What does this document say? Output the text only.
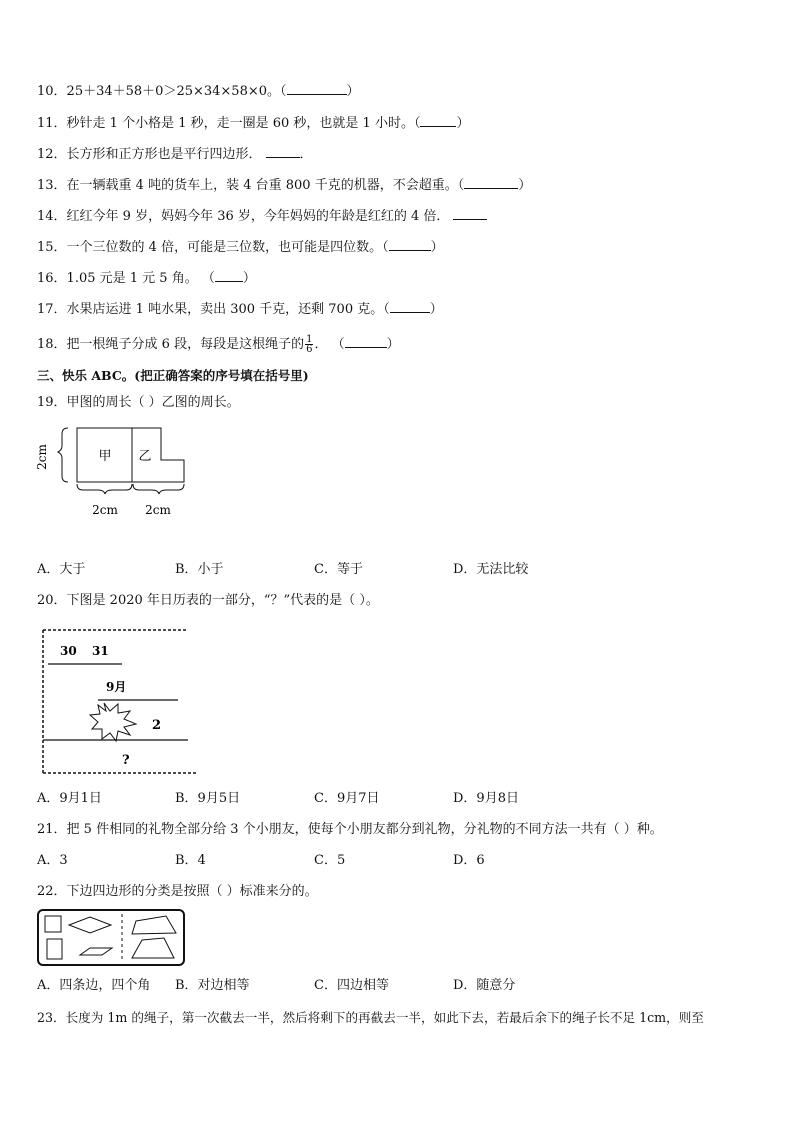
10．25＋34＋58＋0＞25×34×58×0。（	）
11．秒针走 1 个小格是 1 秒，走一圈是 60 秒，也就是 1 小时。（	）
12．长方形和正方形也是平行四边形．	．
13．在一辆载重 4 吨的货车上，装 4 台重 800 千克的机器，不会超重。（	）
14．红红今年 9 岁，妈妈今年 36 岁，今年妈妈的年龄是红红的 4 倍．
15．一个三位数的 4 倍，可能是三位数，也可能是四位数。（	）
16．1.05 元是 1 元 5 角。 （ ）
17．水果店运进 1 吨水果，卖出 300 千克，还剩 700 克。（	）
18．把一根绳子分成 6 段，每段是这根绳子的 $\frac{1}{6}$ ． （	）
三、快乐 ABC。(把正确答案的序号填在括号里)
19．甲图的周长（ ）乙图的周长。
2cm	甲 乙
2cm 2cm
A．大于	B．小于	C．等于	D．无法比较
20．下图是 2020 年日历表的一部分，“？”代表的是（ ）。
30 31
9月
2
?
A．9月1日	B．9月5日	C．9月7日	D．9月8日
21．把 5 件相同的礼物全部分给 3 个小朋友，使每个小朋友都分到礼物，分礼物的不同方法一共有（ ）种。
A．3	B．4	C．5	D．6
22．下边四边形的分类是按照（ ）标准来分的。
A．四条边，四个角 B．对边相等	C．四边相等	D．随意分
23．长度为 1m 的绳子，第一次截去一半，然后将剩下的再截去一半，如此下去，若最后余下的绳子长不足 1cm，则至
